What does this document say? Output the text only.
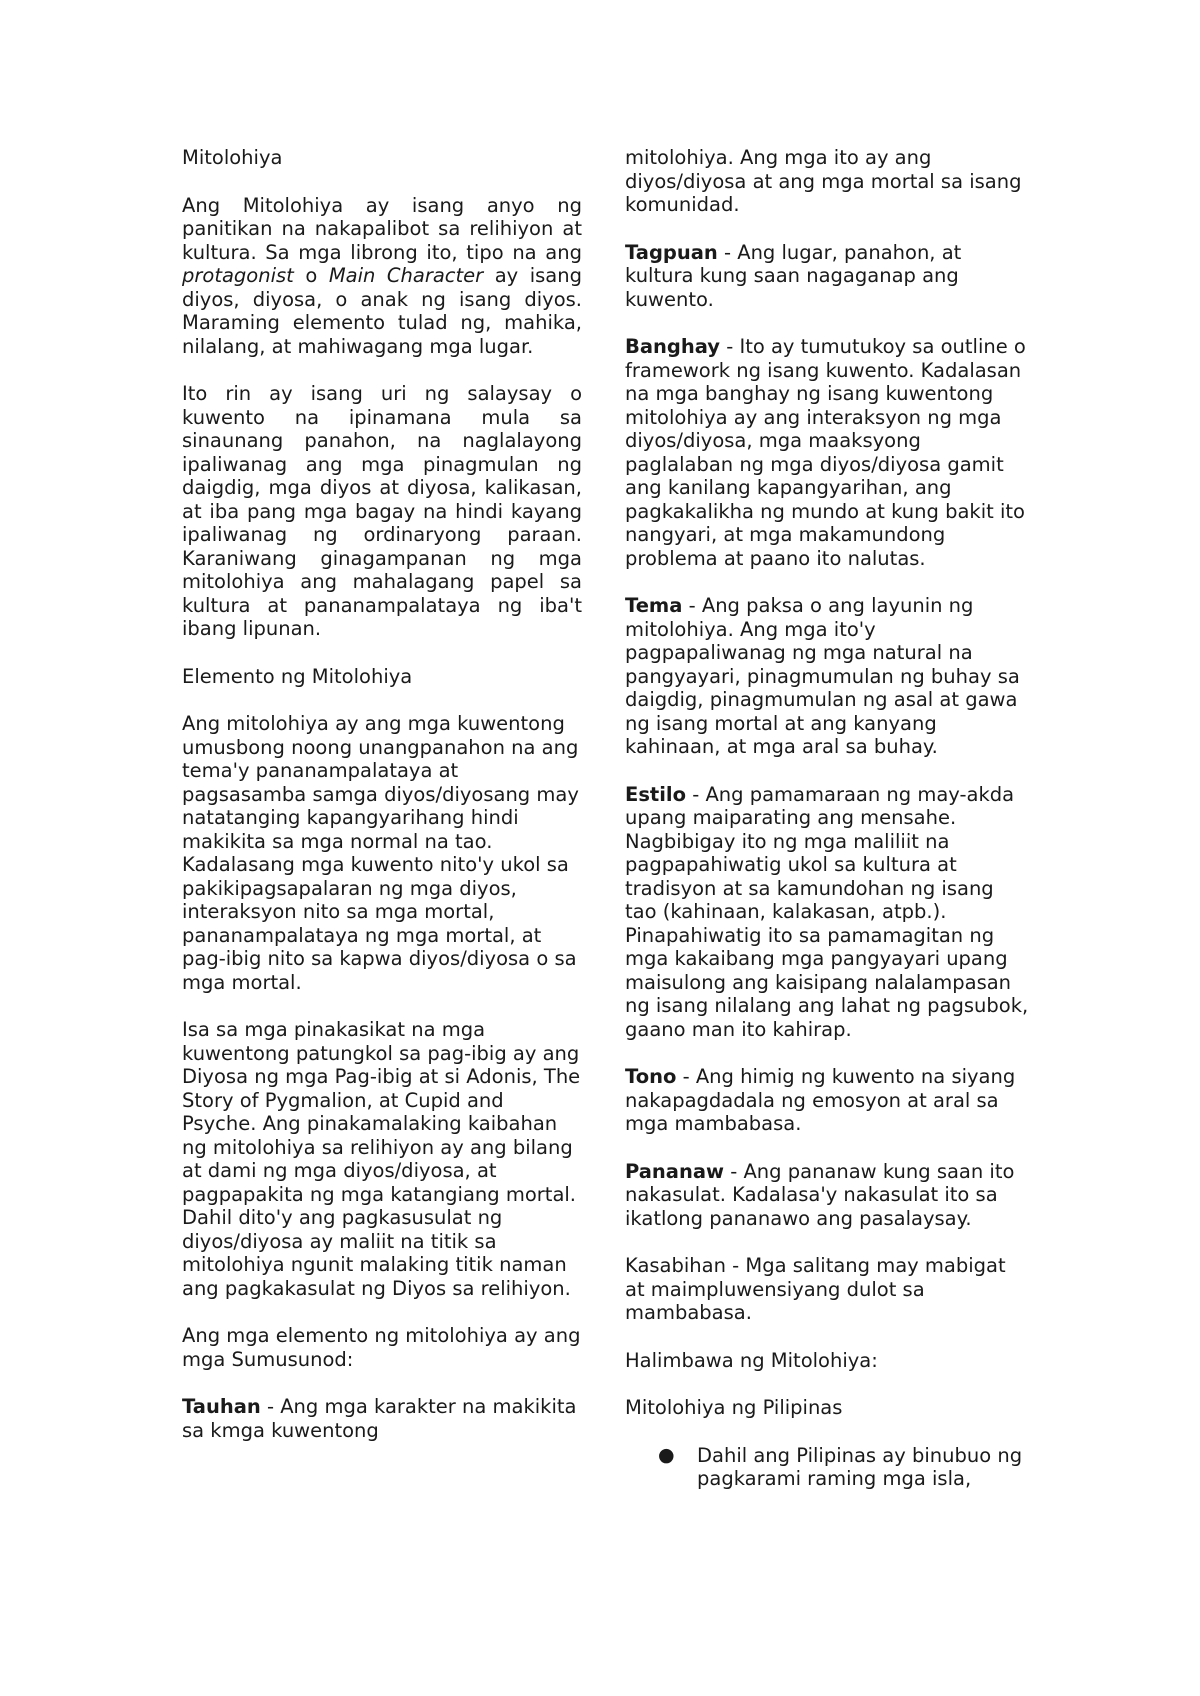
Mitolohiya

Ang Mitolohiya ay isang anyo ng panitikan na nakapalibot sa relihiyon at kultura. Sa mga librong ito, tipo na ang protagonist o Main Character ay isang diyos, diyosa, o anak ng isang diyos. Maraming elemento tulad ng, mahika, nilalang, at mahiwagang mga lugar.

Ito rin ay isang uri ng salaysay o kuwento na ipinamana mula sa sinaunang panahon, na naglalayong ipaliwanag ang mga pinagmulan ng daigdig, mga diyos at diyosa, kalikasan, at iba pang mga bagay na hindi kayang ipaliwanag ng ordinaryong paraan. Karaniwang ginagampanan ng mga mitolohiya ang mahalagang papel sa kultura at pananampalataya ng iba't ibang lipunan.

Elemento ng Mitolohiya

Ang mitolohiya ay ang mga kuwentong umusbong noong unangpanahon na ang tema'y pananampalataya at pagsasamba samga diyos/diyosang may natatanging kapangyarihang hindi makikita sa mga normal na tao. Kadalasang mga kuwento nito'y ukol sa pakikipagsapalaran ng mga diyos, interaksyon nito sa mga mortal, pananampalataya ng mga mortal, at pag-ibig nito sa kapwa diyos/diyosa o sa mga mortal.

Isa sa mga pinakasikat na mga kuwentong patungkol sa pag-ibig ay ang Diyosa ng mga Pag-ibig at si Adonis, The Story of Pygmalion, at Cupid and Psyche. Ang pinakamalaking kaibahan ng mitolohiya sa relihiyon ay ang bilang at dami ng mga diyos/diyosa, at pagpapakita ng mga katangiang mortal. Dahil dito'y ang pagkasusulat ng diyos/diyosa ay maliit na titik sa mitolohiya ngunit malaking titik naman ang pagkakasulat ng Diyos sa relihiyon.

Ang mga elemento ng mitolohiya ay ang mga Sumusunod:

Tauhan - Ang mga karakter na makikita sa kmga kuwentong

mitolohiya. Ang mga ito ay ang diyos/diyosa at ang mga mortal sa isang komunidad.

Tagpuan - Ang lugar, panahon, at kultura kung saan nagaganap ang kuwento.

Banghay - Ito ay tumutukoy sa outline o framework ng isang kuwento. Kadalasan na mga banghay ng isang kuwentong mitolohiya ay ang interaksyon ng mga diyos/diyosa, mga maaksyong paglalaban ng mga diyos/diyosa gamit ang kanilang kapangyarihan, ang pagkakalikha ng mundo at kung bakit ito nangyari, at mga makamundong problema at paano ito nalutas.

Tema - Ang paksa o ang layunin ng mitolohiya. Ang mga ito'y pagpapaliwanag ng mga natural na pangyayari, pinagmumulan ng buhay sa daigdig, pinagmumulan ng asal at gawa ng isang mortal at ang kanyang kahinaan, at mga aral sa buhay.

Estilo - Ang pamamaraan ng may-akda upang maiparating ang mensahe. Nagbibigay ito ng mga maliliit na pagpapahiwatig ukol sa kultura at tradisyon at sa kamundohan ng isang tao (kahinaan, kalakasan, atpb.). Pinapahiwatig ito sa pamamagitan ng mga kakaibang mga pangyayari upang maisulong ang kaisipang nalalampasan ng isang nilalang ang lahat ng pagsubok, gaano man ito kahirap.

Tono - Ang himig ng kuwento na siyang nakapagdadala ng emosyon at aral sa mga mambabasa.

Pananaw - Ang pananaw kung saan ito nakasulat. Kadalasa'y nakasulat ito sa ikatlong pananawo ang pasalaysay.

Kasabihan - Mga salitang may mabigat at maimpluwensiyang dulot sa mambabasa.

Halimbawa ng Mitolohiya:

Mitolohiya ng Pilipinas

● Dahil ang Pilipinas ay binubuo ng pagkarami raming mga isla,
